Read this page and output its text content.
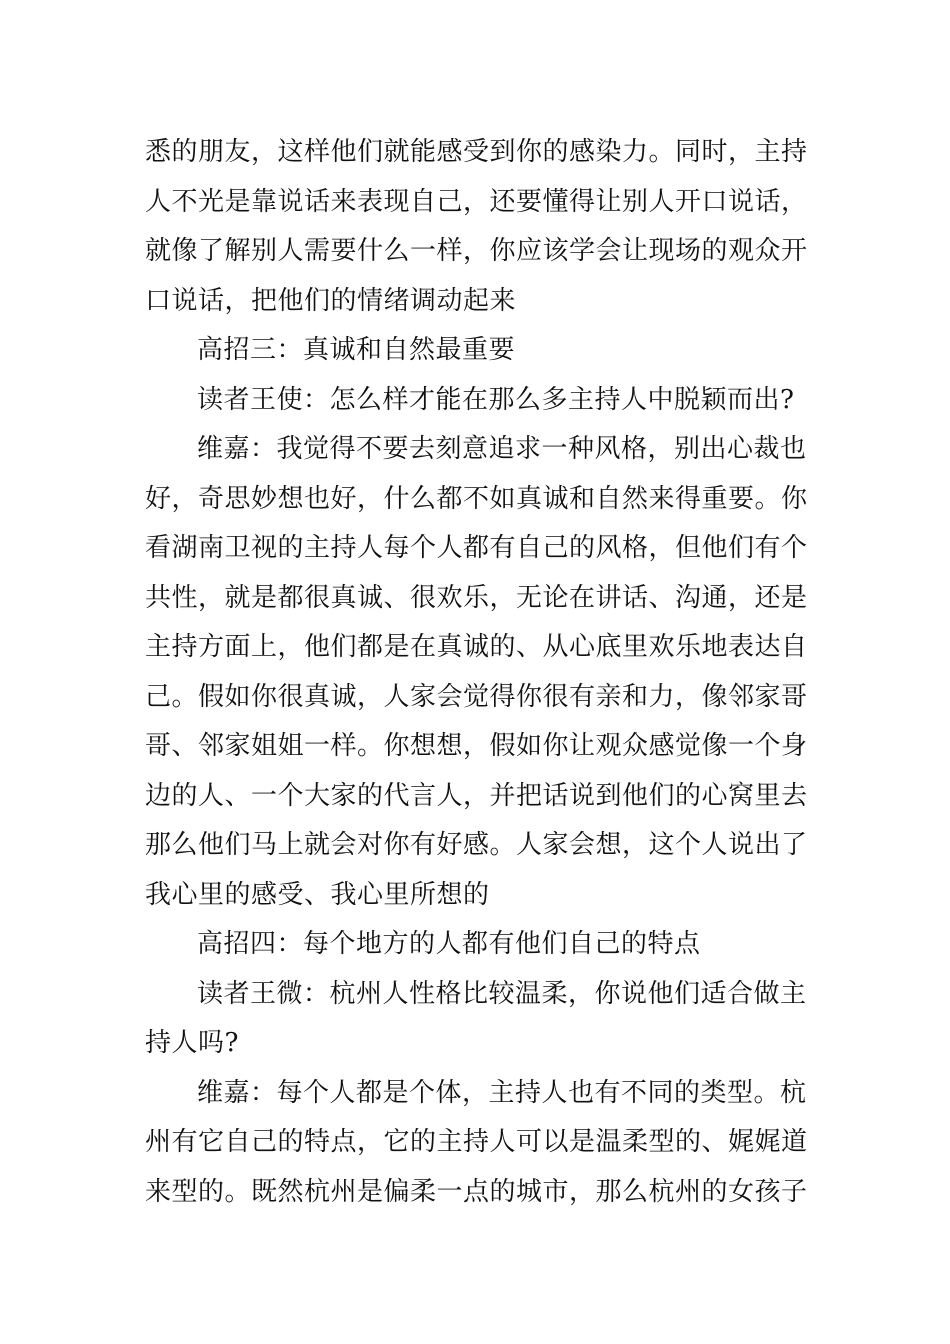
悉的朋友，这样他们就能感受到你的感染力。同时，主持
人不光是靠说话来表现自己，还要懂得让别人开口说话，
就像了解别人需要什么一样，你应该学会让现场的观众开
口说话，把他们的情绪调动起来
高招三：真诚和自然最重要
读者王使：怎么样才能在那么多主持人中脱颖而出?
维嘉：我觉得不要去刻意追求一种风格，别出心裁也
好，奇思妙想也好，什么都不如真诚和自然来得重要。你
看湖南卫视的主持人每个人都有自己的风格，但他们有个
共性，就是都很真诚、很欢乐，无论在讲话、沟通，还是
主持方面上，他们都是在真诚的、从心底里欢乐地表达自
己。假如你很真诚，人家会觉得你很有亲和力，像邻家哥
哥、邻家姐姐一样。你想想，假如你让观众感觉像一个身
边的人、一个大家的代言人，并把话说到他们的心窝里去
那么他们马上就会对你有好感。人家会想，这个人说出了
我心里的感受、我心里所想的
高招四：每个地方的人都有他们自己的特点
读者王微：杭州人性格比较温柔，你说他们适合做主
持人吗?
维嘉：每个人都是个体，主持人也有不同的类型。杭
州有它自己的特点，它的主持人可以是温柔型的、娓娓道
来型的。既然杭州是偏柔一点的城市，那么杭州的女孩子
